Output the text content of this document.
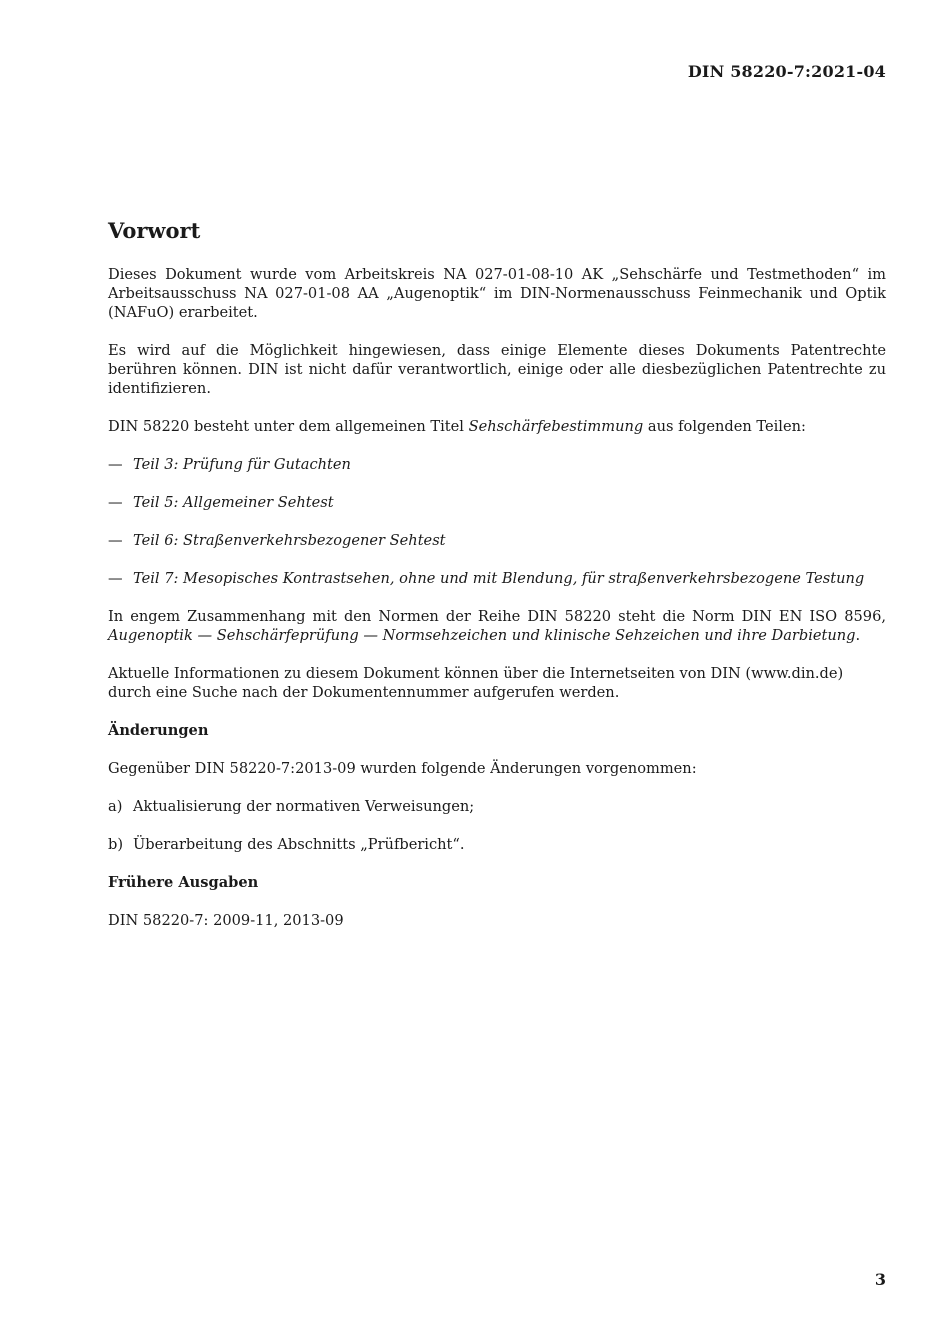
DIN 58220-7:2021-04
Vorwort

Dieses Dokument wurde vom Arbeitskreis NA 027-01-08-10 AK „Sehschärfe und Testmethoden“ im Arbeitsausschuss NA 027-01-08 AA „Augenoptik“ im DIN-Normenausschuss Feinmechanik und Optik (NAFuO) erarbeitet.

Es wird auf die Möglichkeit hingewiesen, dass einige Elemente dieses Dokuments Patentrechte berühren können. DIN ist nicht dafür verantwortlich, einige oder alle diesbezüglichen Patentrechte zu identifizieren.

DIN 58220 besteht unter dem allgemeinen Titel Sehschärfebestimmung aus folgenden Teilen:

— Teil 3: Prüfung für Gutachten
— Teil 5: Allgemeiner Sehtest
— Teil 6: Straßenverkehrsbezogener Sehtest
— Teil 7: Mesopisches Kontrastsehen, ohne und mit Blendung, für straßenverkehrsbezogene Testung

In engem Zusammenhang mit den Normen der Reihe DIN 58220 steht die Norm DIN EN ISO 8596, Augenoptik — Sehschärfeprüfung — Normsehzeichen und klinische Sehzeichen und ihre Darbietung.

Aktuelle Informationen zu diesem Dokument können über die Internetseiten von DIN (www.din.de) durch eine Suche nach der Dokumentennummer aufgerufen werden.

Änderungen

Gegenüber DIN 58220-7:2013-09 wurden folgende Änderungen vorgenommen:

a) Aktualisierung der normativen Verweisungen;
b) Überarbeitung des Abschnitts „Prüfbericht“.
Frühere Ausgaben

DIN 58220-7: 2009-11, 2013-09

3
